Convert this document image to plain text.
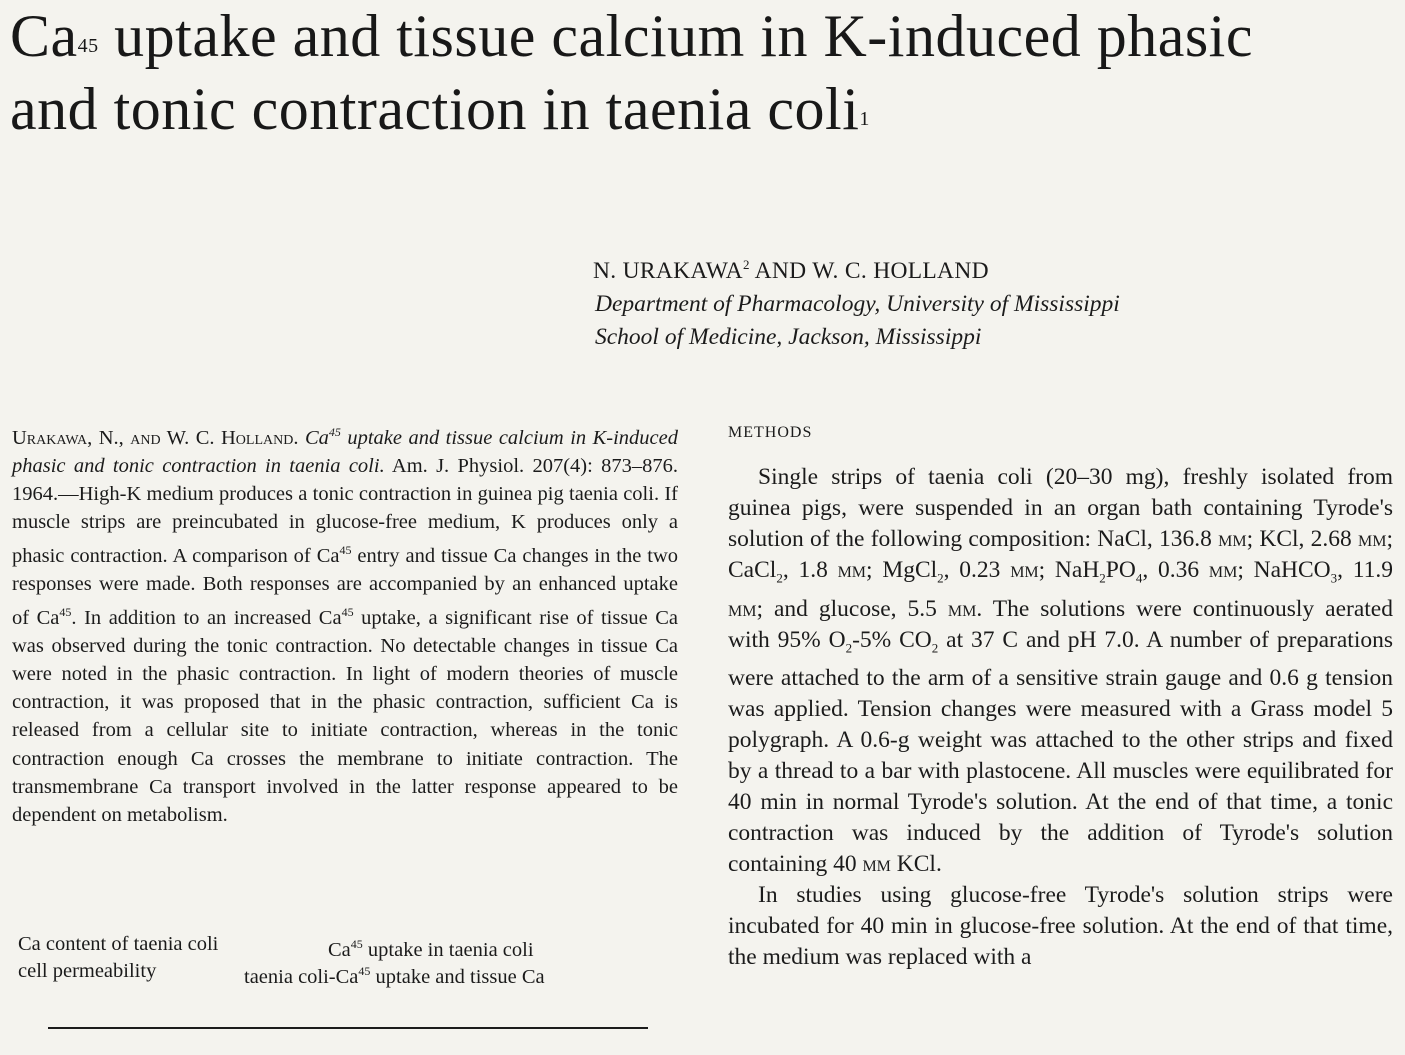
Ca$^{45}$ uptake and tissue calcium in K-induced phasic and tonic contraction in taenia coli$^1$
N. URAKAWA$^2$ AND W. C. HOLLAND
Department of Pharmacology, University of Mississippi
School of Medicine, Jackson, Mississippi
Urakawa, N., and W. C. Holland. Ca$^{45}$ uptake and tissue calcium in K-induced phasic and tonic contraction in taenia coli. Am. J. Physiol. 207(4): 873–876. 1964.—High-K medium produces a tonic contraction in guinea pig taenia coli. If muscle strips are preincubated in glucose-free medium, K produces only a phasic contraction. A comparison of Ca$^{45}$ entry and tissue Ca changes in the two responses were made. Both responses are accompanied by an enhanced uptake of Ca$^{45}$. In addition to an increased Ca$^{45}$ uptake, a significant rise of tissue Ca was observed during the tonic contraction. No detectable changes in tissue Ca were noted in the phasic contraction. In light of modern theories of muscle contraction, it was proposed that in the phasic contraction, sufficient Ca is released from a cellular site to initiate contraction, whereas in the tonic contraction enough Ca crosses the membrane to initiate contraction. The transmembrane Ca transport involved in the latter response appeared to be dependent on metabolism.
Ca content of taenia coli	Ca$^{45}$ uptake in taenia coli
cell permeability	taenia coli-Ca$^{45}$ uptake and tissue Ca
METHODS

Single strips of taenia coli (20–30 mg), freshly isolated from guinea pigs, were suspended in an organ bath containing Tyrode's solution of the following composition: NaCl, 136.8 mm; KCl, 2.68 mm; CaCl$_2$, 1.8 mm; MgCl$_2$, 0.23 mm; $NaH_2PO_4$, 0.36 mm; NaHCO$_3$, 11.9 mm; and glucose, 5.5 mm. The solutions were continuously aerated with 95% $O_2-5\%$ $CO_2$ at 37 C and pH 7.0. A number of preparations were attached to the arm of a sensitive strain gauge and 0.6 g tension was applied. Tension changes were measured with a Grass model 5 polygraph. A 0.6-g weight was attached to the other strips and fixed by a thread to a bar with plastocene. All muscles were equilibrated for 40 min in normal Tyrode's solution. At the end of that time, a tonic contraction was induced by the addition of Tyrode's solution containing 40 mm KCl.

In studies using glucose-free Tyrode's solution strips were incubated for 40 min in glucose-free solution. At the end of that time, the medium was replaced with a
